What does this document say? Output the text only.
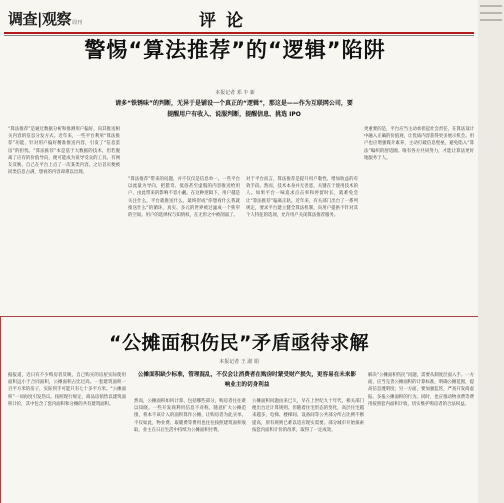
调查|观察 周刊	评论
警惕“算法推荐”的“逻辑”陷阱
本报记者 邓 丰 新
请多“铁锈味”的判断，无异于是铺设一个真正的“逻辑”，那这是——作为互联网公司，要提醒用户有收入、说服判断，提醒信息、挑选 IPO
“算法推荐”是通过数据分析和推测用户偏好，向其推送相关内容的信息分发方式。近年来，一些平台利用“算法推荐”功能，针对用户偏好精准推送内容，引发了“信息茧房”的担忧。“算法推荐”本是基于大数据的技术，但若脱离了应有的价值导向，便可能成为误导受众的工具。有网友反映，自己在平台上点了一次某类内容，之后首页便被同类信息占满，想看的内容却难以出现。
“算法推荐”带来的问题，并不仅仅是信息单一。一些平台以流量为导向，把猎奇、低俗甚至虚假的内容推送给用户，由此带来的影响不容小觑。在这种逻辑下，用户越是关注什么，平台就推送什么，最终形成“你想看什么我就推送什么”的循环，真实、多元的世界被过滤成一个狭窄的空间。用户的选择权与知情权，在无形之中被削弱了。
对于平台而言，算法推荐是提升用户黏性、增加收益的有效手段。然而，技术本身并无善恶，关键在于使用技术的人。如果平台一味追求点击率和停留时长，就难免会让“算法推荐”偏离正轨。近年来，有关部门出台了一系列规定，要求平台建立健全算法机制，向用户提供不针对其个人特征的选项，允许用户关闭算法推荐服务。
更重要的是，平台应当主动承担起社会责任，在算法设计中融入正确的价值观，让优质内容获得更多展示机会。用户也应增强媒介素养，主动打破信息壁垒，避免陷入“算法”编织的舒适圈。唯有各方共同努力，才能让算法更好地服务于人。
“公摊面积伤民”矛盾亟待求解
本报记者 王 淑 娟
公摊面积缺少标准，管理混乱，不仅会让消费者在购房时蒙受财产损失，更容易在未来影响业主的切身利益
据报道，近日有不少购房者反映，自己购买的房屋实际使用面积远小于合同面积，公摊面积占比过高。一套建筑面积一百平方米的房子，实际到手可能只有七十多平方米。“公摊面积”一词再度引发热议。按照现行规定，商品房销售以建筑面积计价，其中包含了套内面积和分摊的共有建筑面积。
然而，公摊面积如何计算、包括哪些部分，购房者往往难以知晓。一些开发商利用信息不对称，随意扩大公摊范围，将本不该计入的面积算作公摊，让购房者为此买单。不仅如此，物业费、取暖费等费用也往往按照建筑面积收取，业主在日后生活中持续为公摊面积付费。
公摊面积问题由来已久，早在上世纪九十年代，相关部门便出台过计算规则。但随着住宅形态的变化，高层住宅越来越多，电梯、楼梯间、设备间等公共部分所占比例不断提高，原有规则已难以适应现实需要。部分城市开始探索按套内面积计价的改革，取得了一定成效。
解决“公摊面积伤民”问题，需要从制度层面入手。一方面，应当完善公摊面积的计算标准，明确公摊范围，提高信息透明度；另一方面，要加强监管，严查开发商虚报、多报公摊面积的行为。同时，也应推动物业费等费用按照套内面积计收，切实维护购房者的合法权益。
